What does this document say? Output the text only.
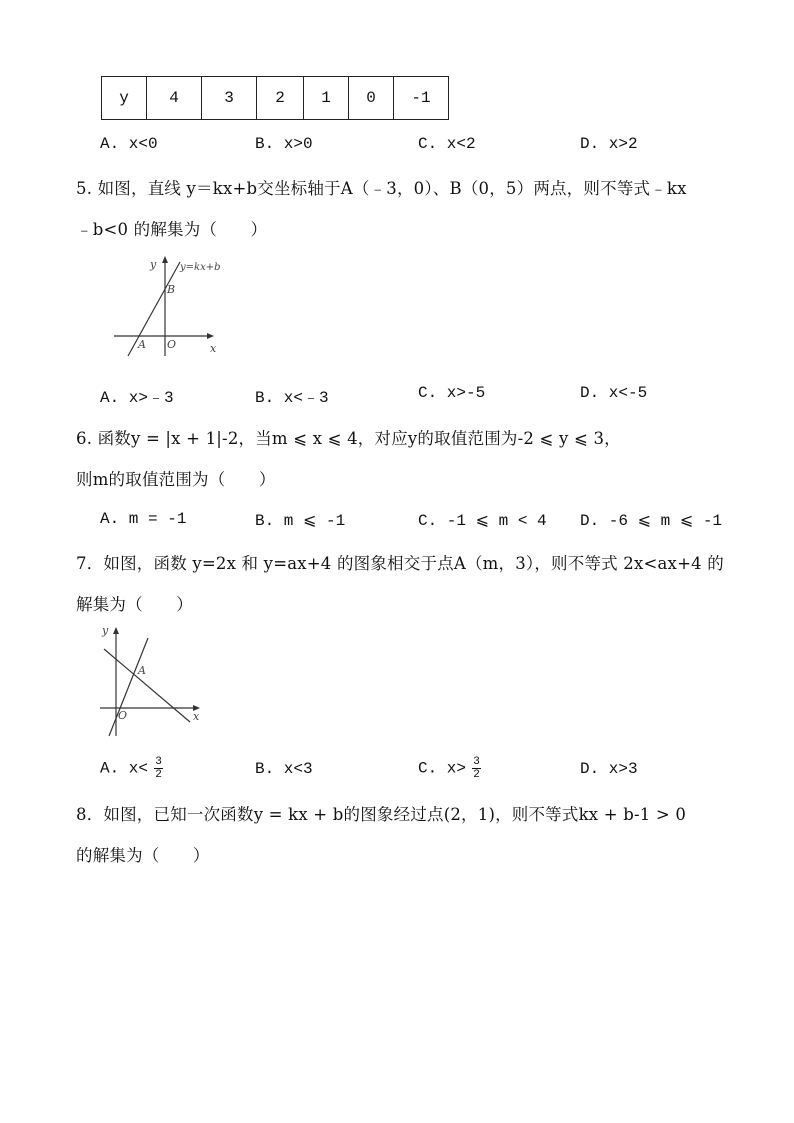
y	4	3	2	1	0	-1
A. x<0	B. x>0	C. x<2	D. x>2
5. 如图，直线 y＝kx+b交坐标轴于A（﹣3，0）、B（0，5）两点，则不等式﹣kx
﹣b<0 的解集为（　　）
y
x
O
A
B
y=kx+b
A. x>﹣3	B. x<﹣3	C. x>-5	D. x<-5
6. 函数y = |x + 1|-2，当m ⩽ x ⩽ 4，对应y的取值范围为-2 ⩽ y ⩽ 3，
则m的取值范围为（　　）
A. m = -1	B. m ⩽ -1	C. -1 ⩽ m < 4 D. -6 ⩽ m ⩽ -1
7．如图，函数 y=2x 和 y=ax+4 的图象相交于点A（m，3），则不等式 2x<ax+4 的
解集为（　　）
y
x
O
A
A. $x< \frac{3}{2}$	B. x<3	C. $x> \frac{3}{2}$	D. x>3
8．如图，已知一次函数y = kx + b的图象经过点(2，1)，则不等式kx + b-1 > 0
的解集为（　　）
